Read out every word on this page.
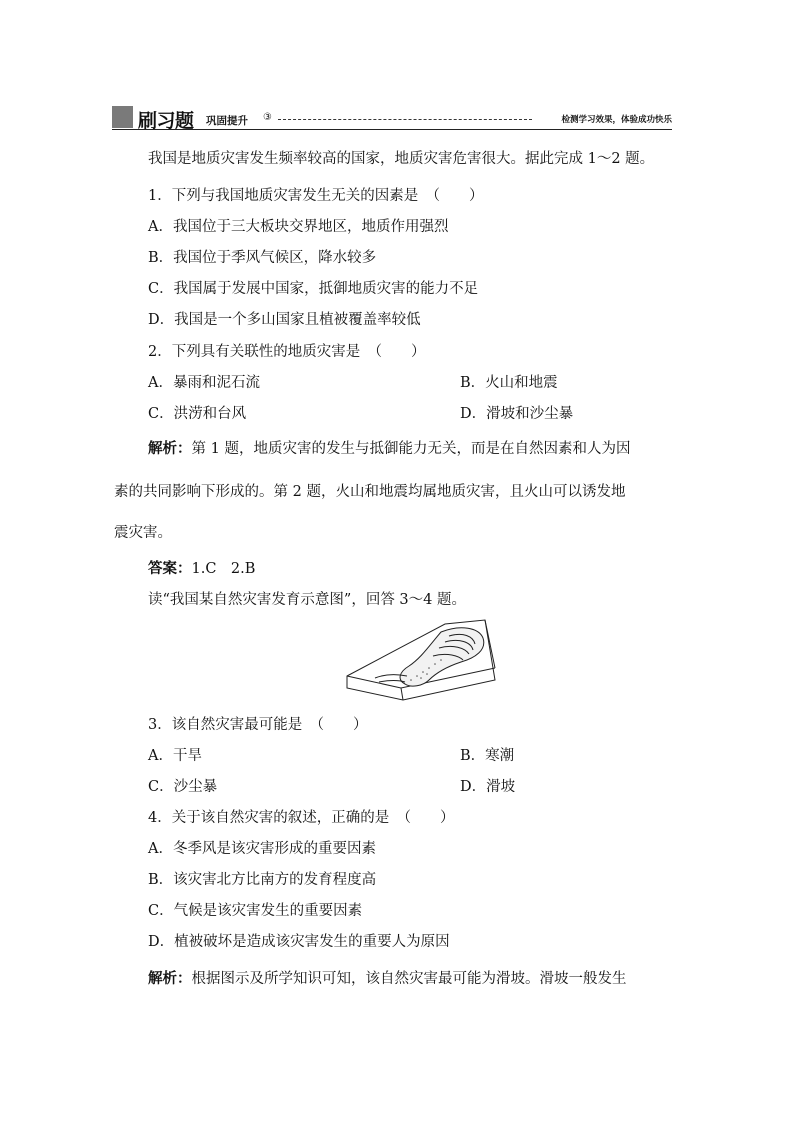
刷习题 巩固提升 ③	检测学习效果，体验成功快乐
我国是地质灾害发生频率较高的国家，地质灾害危害很大。据此完成 1～2 题。
1．下列与我国地质灾害发生无关的因素是　（　　）
A．我国位于三大板块交界地区，地质作用强烈
B．我国位于季风气候区，降水较多
C．我国属于发展中国家，抵御地质灾害的能力不足
D．我国是一个多山国家且植被覆盖率较低
2．下列具有关联性的地质灾害是　（　　）
A．暴雨和泥石流	B．火山和地震
C．洪涝和台风	D．滑坡和沙尘暴
解析：第 1 题，地质灾害的发生与抵御能力无关，而是在自然因素和人为因
素的共同影响下形成的。第 2 题，火山和地震均属地质灾害，且火山可以诱发地
震灾害。
答案：1.C　2.B
读“我国某自然灾害发育示意图”，回答 3～4 题。
3．该自然灾害最可能是　（　　）
A．干旱	B．寒潮
C．沙尘暴	D．滑坡
4．关于该自然灾害的叙述，正确的是　（　　）
A．冬季风是该灾害形成的重要因素
B．该灾害北方比南方的发育程度高
C．气候是该灾害发生的重要因素
D．植被破坏是造成该灾害发生的重要人为原因
解析：根据图示及所学知识可知，该自然灾害最可能为滑坡。滑坡一般发生
